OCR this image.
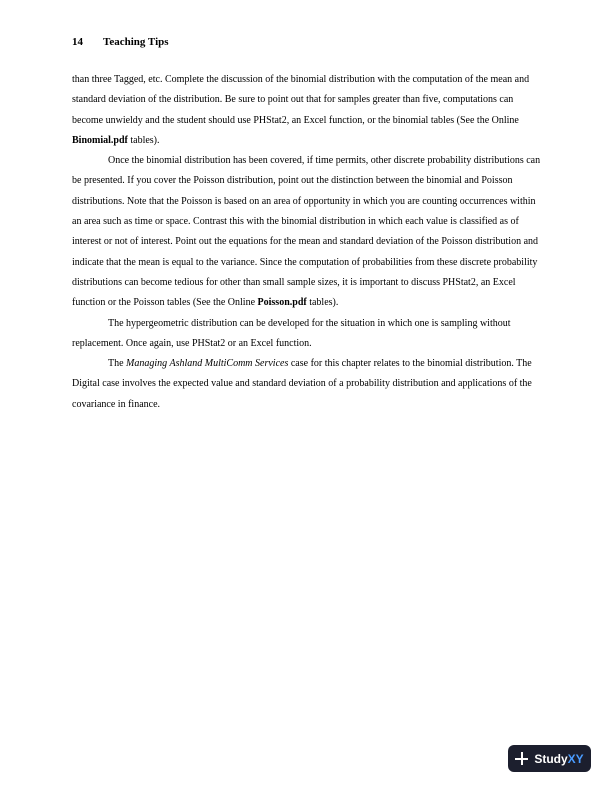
14 Teaching Tips

than three Tagged, etc. Complete the discussion of the binomial distribution with the computation of the mean and standard deviation of the distribution. Be sure to point out that for samples greater than five, computations can become unwieldy and the student should use PHStat2, an Excel function, or the binomial tables (See the Online Binomial.pdf tables).

Once the binomial distribution has been covered, if time permits, other discrete probability distributions can be presented. If you cover the Poisson distribution, point out the distinction between the binomial and Poisson distributions. Note that the Poisson is based on an area of opportunity in which you are counting occurrences within an area such as time or space. Contrast this with the binomial distribution in which each value is classified as of interest or not of interest. Point out the equations for the mean and standard deviation of the Poisson distribution and indicate that the mean is equal to the variance. Since the computation of probabilities from these discrete probability distributions can become tedious for other than small sample sizes, it is important to discuss PHStat2, an Excel function or the Poisson tables (See the Online Poisson.pdf tables).

The hypergeometric distribution can be developed for the situation in which one is sampling without replacement. Once again, use PHStat2 or an Excel function.

The Managing Ashland MultiComm Services case for this chapter relates to the binomial distribution. The Digital case involves the expected value and standard deviation of a probability distribution and applications of the covariance in finance.

StudyXY
